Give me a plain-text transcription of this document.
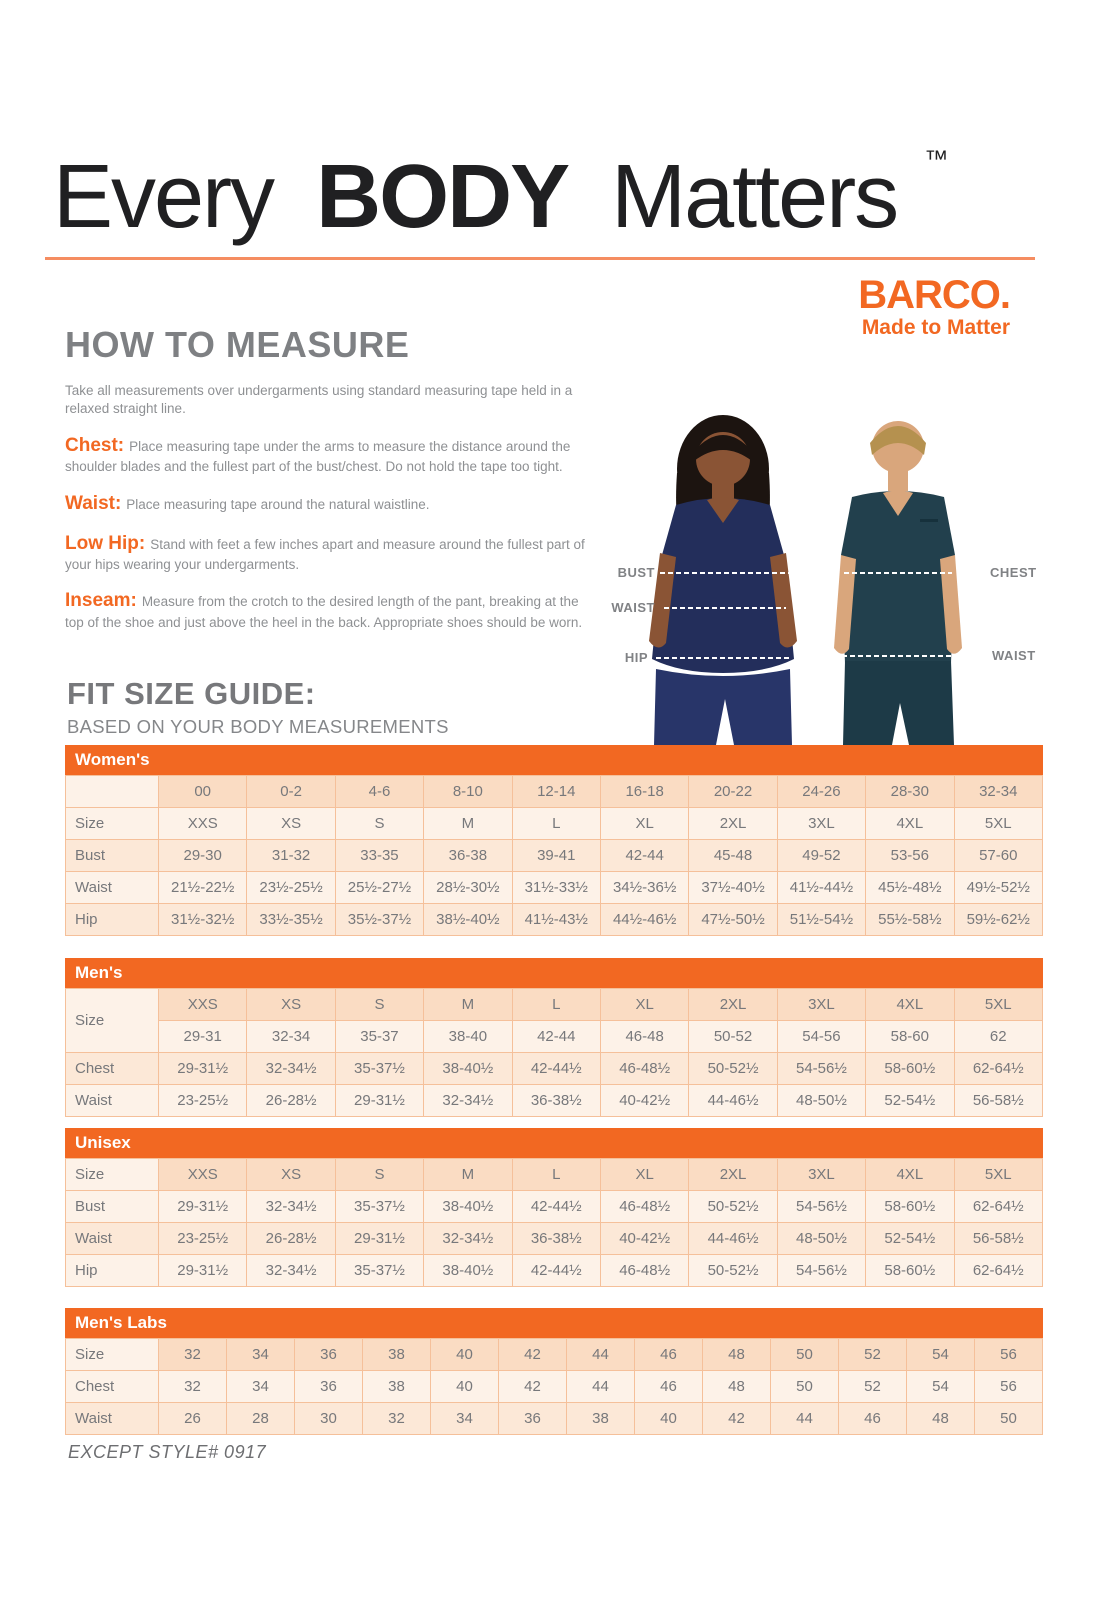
Every BODY Matters ™
BARCO.
Made to Matter
HOW TO MEASURE

Take all measurements over undergarments using standard measuring tape held in a relaxed straight line.

Chest: Place measuring tape under the arms to measure the distance around the shoulder blades and the fullest part of the bust/chest. Do not hold the tape too tight.

Waist: Place measuring tape around the natural waistline.

Low Hip: Stand with feet a few inches apart and measure around the fullest part of your hips wearing your undergarments.

Inseam: Measure from the crotch to the desired length of the pant, breaking at the top of the shoe and just above the heel in the back. Appropriate shoes should be worn.

BUST
WAIST
HIP
CHEST
WAIST
FIT SIZE GUIDE:
BASED ON YOUR BODY MEASUREMENTS
Women's
	00	0-2	4-6	8-10	12-14	16-18	20-22	24-26	28-30	32-34
Size	XXS	XS	S	M	L	XL	2XL	3XL	4XL	5XL
Bust	29-30	31-32	33-35	36-38	39-41	42-44	45-48	49-52	53-56	57-60
Waist	21½-22½	23½-25½	25½-27½	28½-30½	31½-33½	34½-36½	37½-40½	41½-44½	45½-48½	49½-52½
Hip	31½-32½	33½-35½	35½-37½	38½-40½	41½-43½	44½-46½	47½-50½	51½-54½	55½-58½	59½-62½
Men's
Size	XXS	XS	S	M	L	XL	2XL	3XL	4XL	5XL
	29-31	32-34	35-37	38-40	42-44	46-48	50-52	54-56	58-60	62
Chest	29-31½	32-34½	35-37½	38-40½	42-44½	46-48½	50-52½	54-56½	58-60½	62-64½
Waist	23-25½	26-28½	29-31½	32-34½	36-38½	40-42½	44-46½	48-50½	52-54½	56-58½
Unisex
Size	XXS	XS	S	M	L	XL	2XL	3XL	4XL	5XL
Bust	29-31½	32-34½	35-37½	38-40½	42-44½	46-48½	50-52½	54-56½	58-60½	62-64½
Waist	23-25½	26-28½	29-31½	32-34½	36-38½	40-42½	44-46½	48-50½	52-54½	56-58½
Hip	29-31½	32-34½	35-37½	38-40½	42-44½	46-48½	50-52½	54-56½	58-60½	62-64½
Men's Labs
Size	32	34	36	38	40	42	44	46	48	50	52	54	56
Chest	32	34	36	38	40	42	44	46	48	50	52	54	56
Waist	26	28	30	32	34	36	38	40	42	44	46	48	50
EXCEPT STYLE# 0917
